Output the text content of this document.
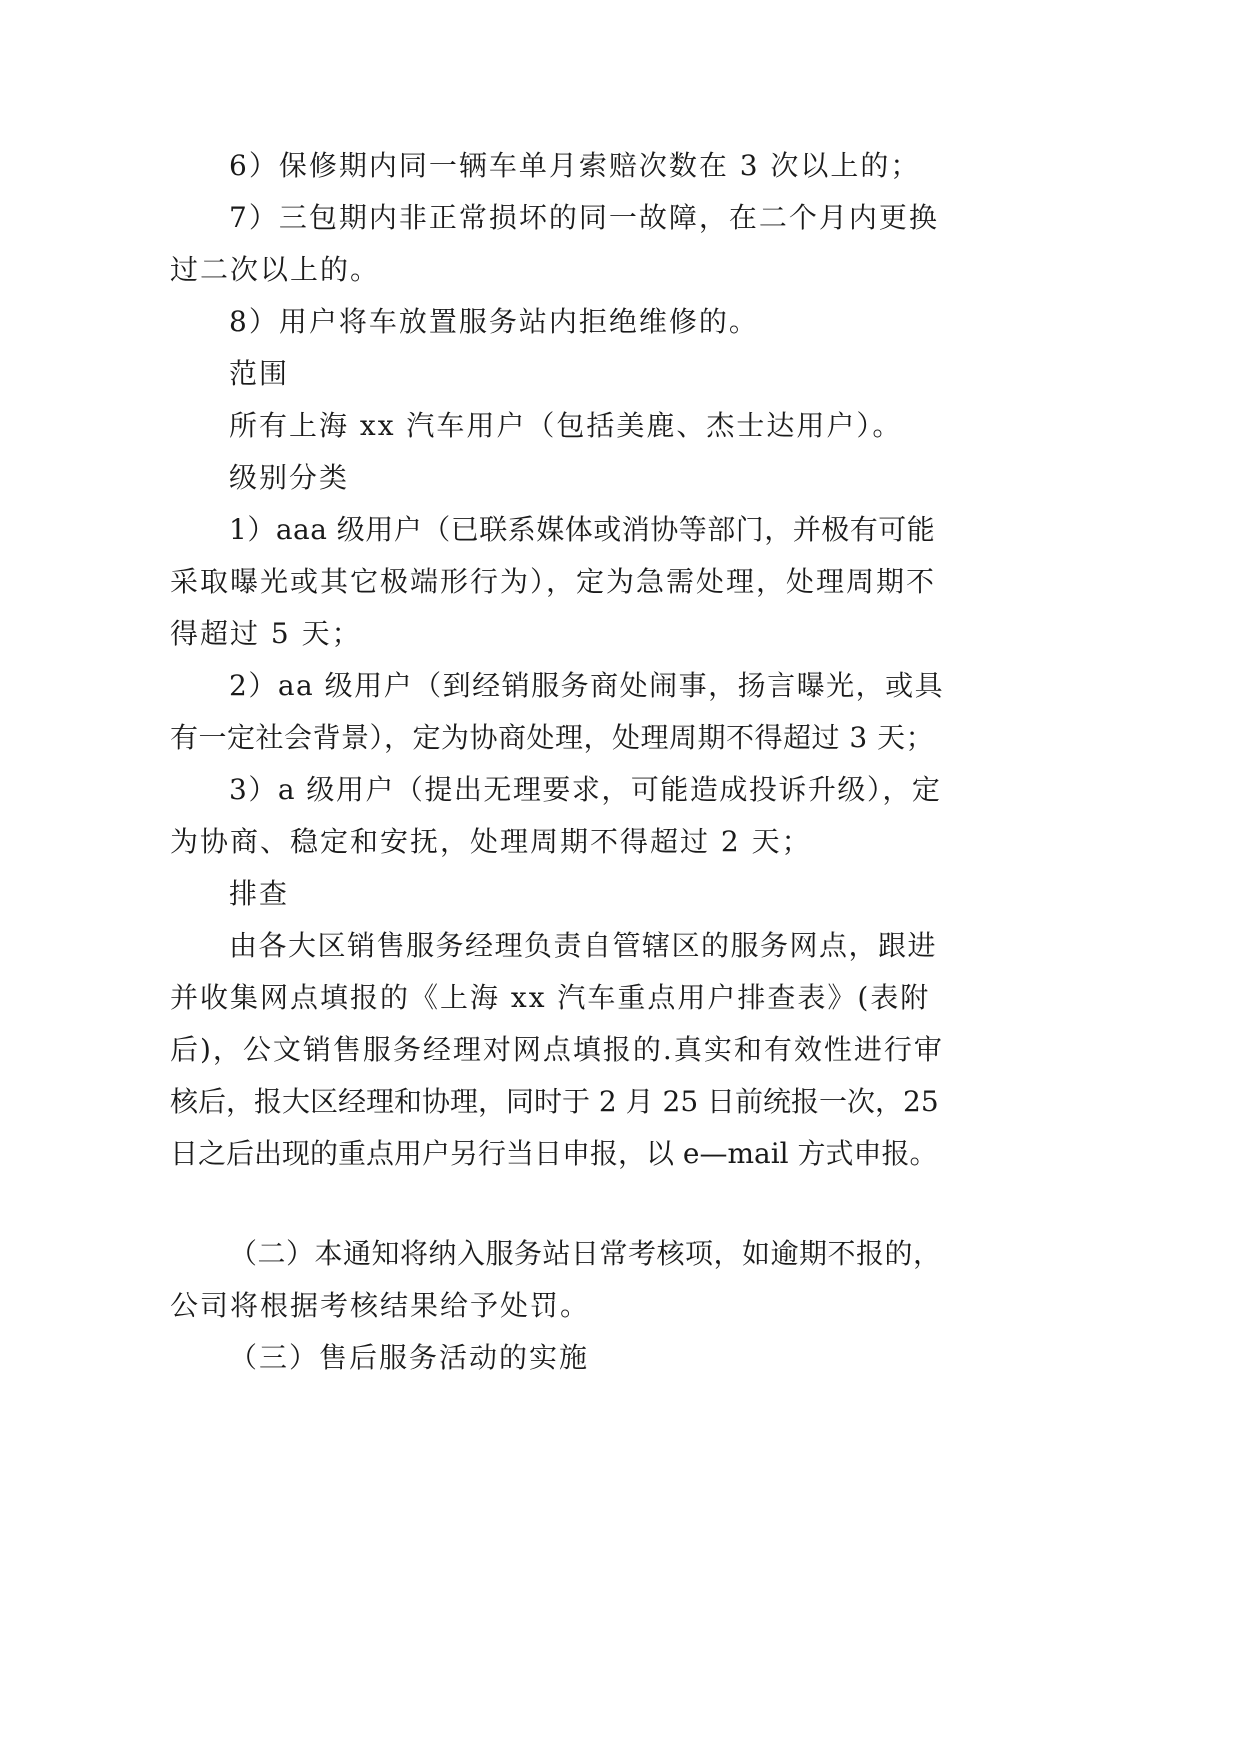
6）保修期内同一辆车单月索赔次数在 3 次以上的；

7）三包期内非正常损坏的同一故障，在二个月内更换

过二次以上的。

8）用户将车放置服务站内拒绝维修的。

范围

所有上海 xx 汽车用户（包括美鹿、杰士达用户）。

级别分类

1）aaa 级用户（已联系媒体或消协等部门，并极有可能

采取曝光或其它极端形行为），定为急需处理，处理周期不

得超过 5 天；

2）aa 级用户（到经销服务商处闹事，扬言曝光，或具

有一定社会背景），定为协商处理，处理周期不得超过 3 天；

3）a 级用户（提出无理要求，可能造成投诉升级），定

为协商、稳定和安抚，处理周期不得超过 2 天；

排查

由各大区销售服务经理负责自管辖区的服务网点，跟进

并收集网点填报的《上海 xx 汽车重点用户排查表》(表附

后)，公文销售服务经理对网点填报的.真实和有效性进行审

核后，报大区经理和协理，同时于 2 月 25 日前统报一次，25

日之后出现的重点用户另行当日申报，以 e—mail 方式申报。

（二）本通知将纳入服务站日常考核项，如逾期不报的，

公司将根据考核结果给予处罚。

（三）售后服务活动的实施
